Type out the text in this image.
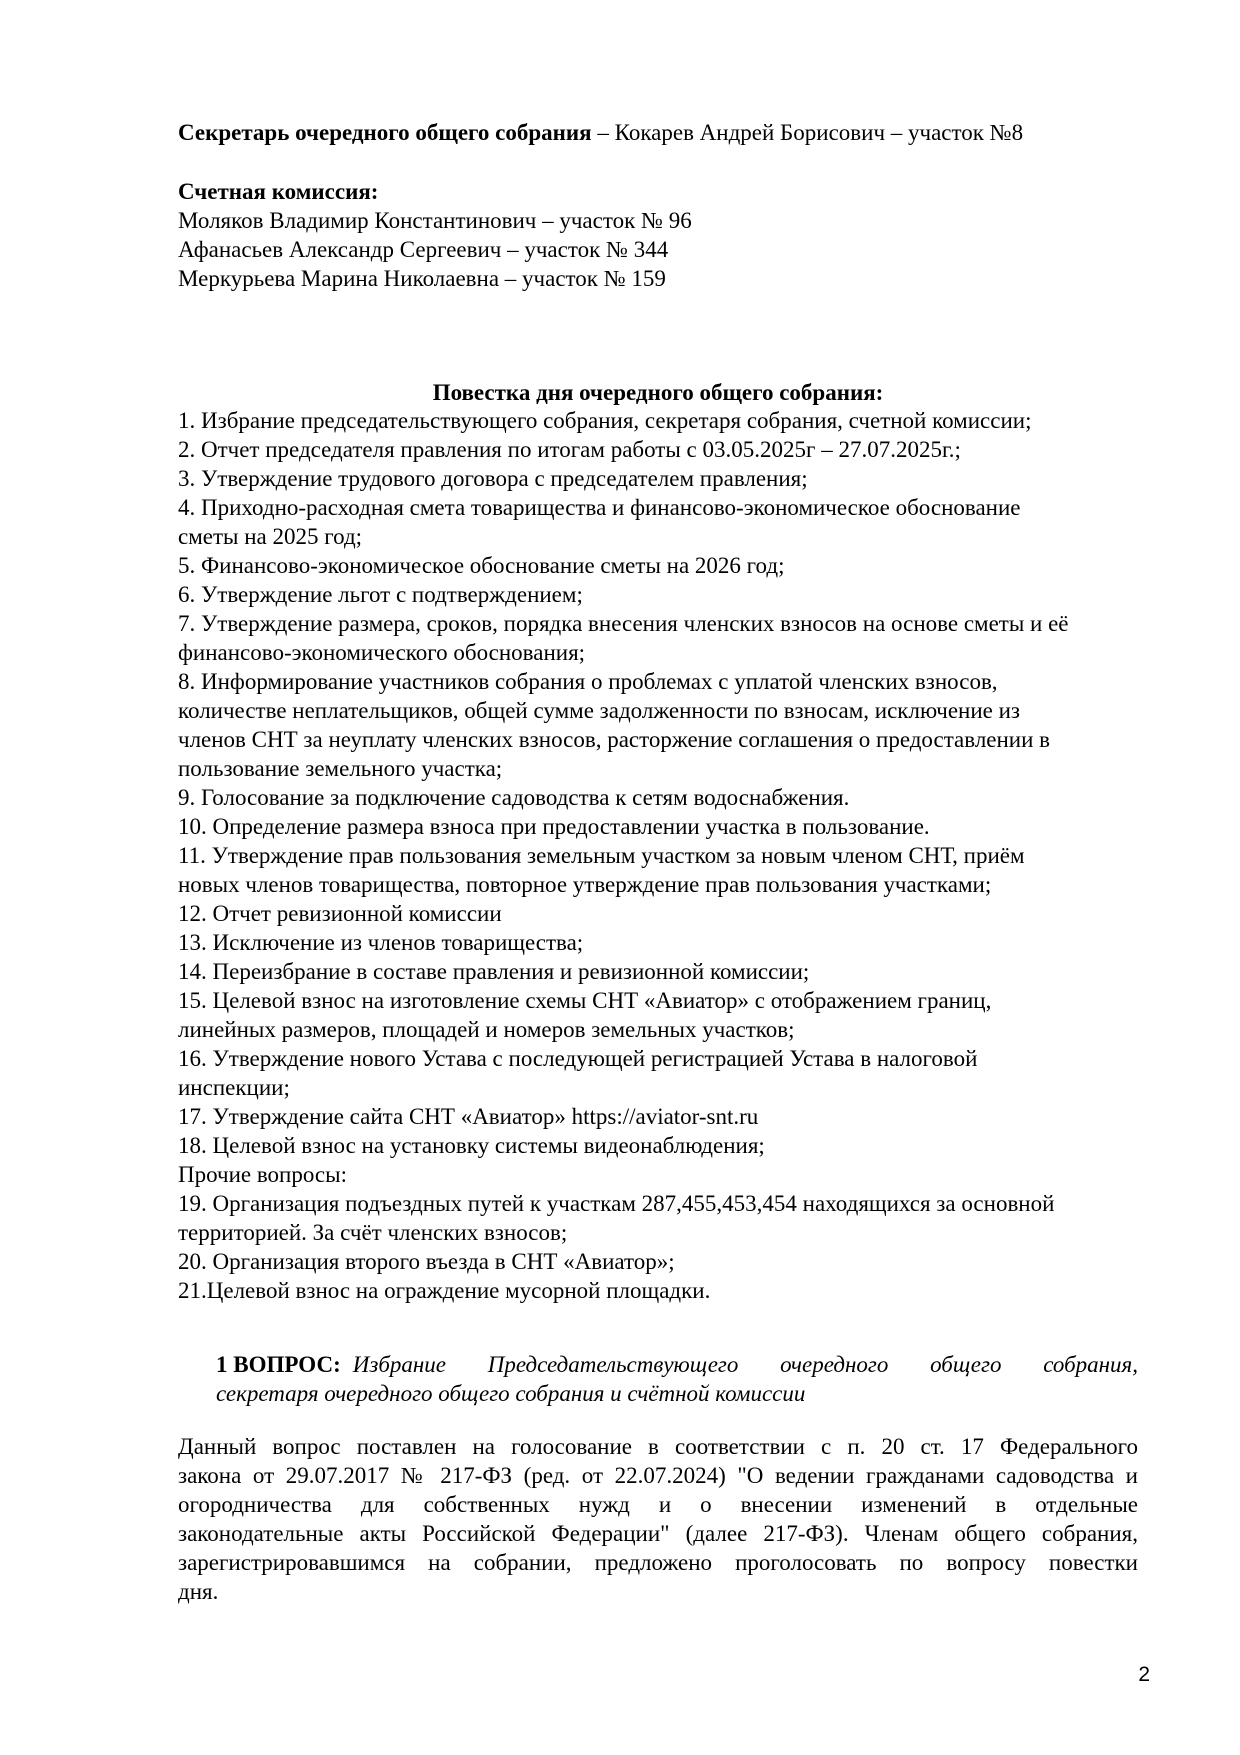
Секретарь очередного общего собрания – Кокарев Андрей Борисович – участок №8
Счетная комиссия:
Моляков Владимир Константинович – участок № 96
Афанасьев Александр Сергеевич – участок № 344
Меркурьева Марина Николаевна – участок № 159
Повестка дня очередного общего собрания:
1. Избрание председательствующего собрания, секретаря собрания, счетной комиссии;
2. Отчет председателя правления по итогам работы с 03.05.2025г – 27.07.2025г.;
3. Утверждение трудового договора с председателем правления;
4. Приходно-расходная смета товарищества и финансово-экономическое обоснование
сметы на 2025 год;
5. Финансово-экономическое обоснование сметы на 2026 год;
6. Утверждение льгот с подтверждением;
7. Утверждение размера, сроков, порядка внесения членских взносов на основе сметы и её
финансово-экономического обоснования;
8. Информирование участников собрания о проблемах с уплатой членских взносов,
количестве неплательщиков, общей сумме задолженности по взносам, исключение из
членов СНТ за неуплату членских взносов, расторжение соглашения о предоставлении в
пользование земельного участка;
9. Голосование за подключение садоводства к сетям водоснабжения.
10. Определение размера взноса при предоставлении участка в пользование.
11. Утверждение прав пользования земельным участком за новым членом СНТ, приём
новых членов товарищества, повторное утверждение прав пользования участками;
12. Отчет ревизионной комиссии
13. Исключение из членов товарищества;
14. Переизбрание в составе правления и ревизионной комиссии;
15. Целевой взнос на изготовление схемы СНТ «Авиатор» с отображением границ,
линейных размеров, площадей и номеров земельных участков;
16. Утверждение нового Устава с последующей регистрацией Устава в налоговой
инспекции;
17. Утверждение сайта СНТ «Авиатор» https://aviator-snt.ru
18. Целевой взнос на установку системы видеонаблюдения;
Прочие вопросы:
19. Организация подъездных путей к участкам 287,455,453,454 находящихся за основной
территорией. За счёт членских взносов;
20. Организация второго въезда в СНТ «Авиатор»;
21.Целевой взнос на ограждение мусорной площадки.
1 ВОПРОС: Избрание Председательствующего очередного общего собрания,
секретаря очередного общего собрания и счётной комиссии
Данный вопрос поставлен на голосование в соответствии с п. 20 ст. 17 Федерального
закона от 29.07.2017 № 217-ФЗ (ред. от 22.07.2024) "О ведении гражданами садоводства и
огородничества для собственных нужд и о внесении изменений в отдельные
законодательные акты Российской Федерации" (далее 217-ФЗ). Членам общего собрания,
зарегистрировавшимся на собрании, предложено проголосовать по вопросу повестки
дня.
2
